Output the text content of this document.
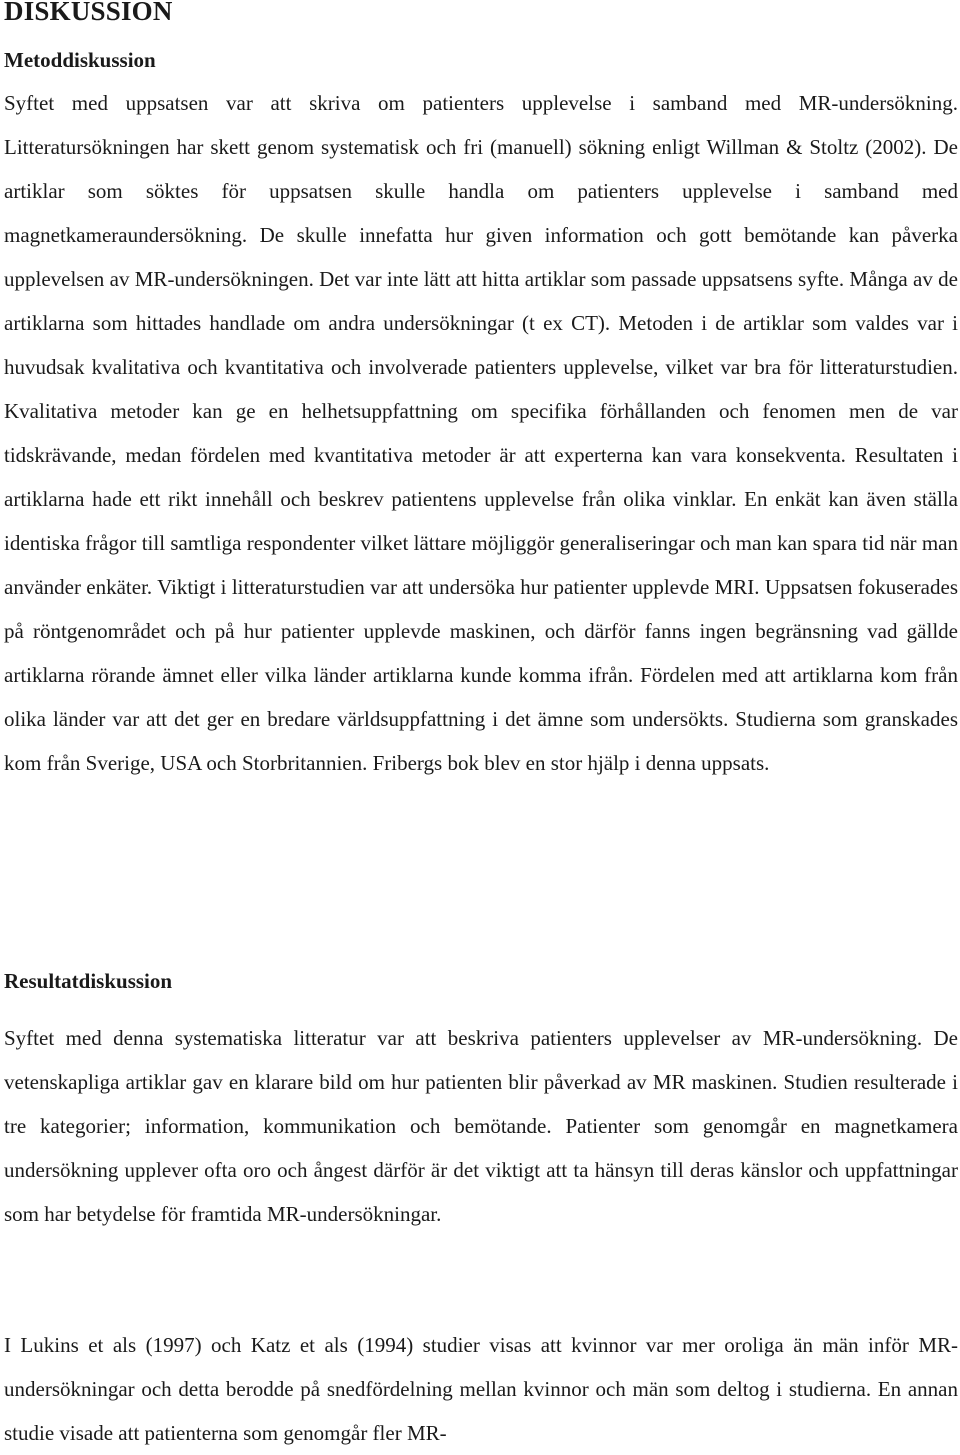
DISKUSSION
Metoddiskussion

Syftet med uppsatsen var att skriva om patienters upplevelse i samband med MR-undersökning. Litteratursökningen har skett genom systematisk och fri (manuell) sökning enligt Willman & Stoltz (2002). De artiklar som söktes för uppsatsen skulle handla om patienters upplevelse i samband med magnetkameraundersökning. De skulle innefatta hur given information och gott bemötande kan påverka upplevelsen av MR-undersökningen. Det var inte lätt att hitta artiklar som passade uppsatsens syfte. Många av de artiklarna som hittades handlade om andra undersökningar (t ex CT). Metoden i de artiklar som valdes var i huvudsak kvalitativa och kvantitativa och involverade patienters upplevelse, vilket var bra för litteraturstudien. Kvalitativa metoder kan ge en helhetsuppfattning om specifika förhållanden och fenomen men de var tidskrävande, medan fördelen med kvantitativa metoder är att experterna kan vara konsekventa. Resultaten i artiklarna hade ett rikt innehåll och beskrev patientens upplevelse från olika vinklar. En enkät kan även ställa identiska frågor till samtliga respondenter vilket lättare möjliggör generaliseringar och man kan spara tid när man använder enkäter. Viktigt i litteraturstudien var att undersöka hur patienter upplevde MRI. Uppsatsen fokuserades på röntgenområdet och på hur patienter upplevde maskinen, och därför fanns ingen begränsning vad gällde artiklarna rörande ämnet eller vilka länder artiklarna kunde komma ifrån. Fördelen med att artiklarna kom från olika länder var att det ger en bredare världsuppfattning i det ämne som undersökts. Studierna som granskades kom från Sverige, USA och Storbritannien. Fribergs bok blev en stor hjälp i denna uppsats.

Resultatdiskussion

Syftet med denna systematiska litteratur var att beskriva patienters upplevelser av MR-undersökning. De vetenskapliga artiklar gav en klarare bild om hur patienten blir påverkad av MR maskinen. Studien resulterade i tre kategorier; information, kommunikation och bemötande. Patienter som genomgår en magnetkamera undersökning upplever ofta oro och ångest därför är det viktigt att ta hänsyn till deras känslor och uppfattningar som har betydelse för framtida MR-undersökningar.

I Lukins et als (1997) och Katz et als (1994) studier visas att kvinnor var mer oroliga än män inför MR-undersökningar och detta berodde på snedfördelning mellan kvinnor och män som deltog i studierna. En annan studie visade att patienterna som genomgår fler MR-
